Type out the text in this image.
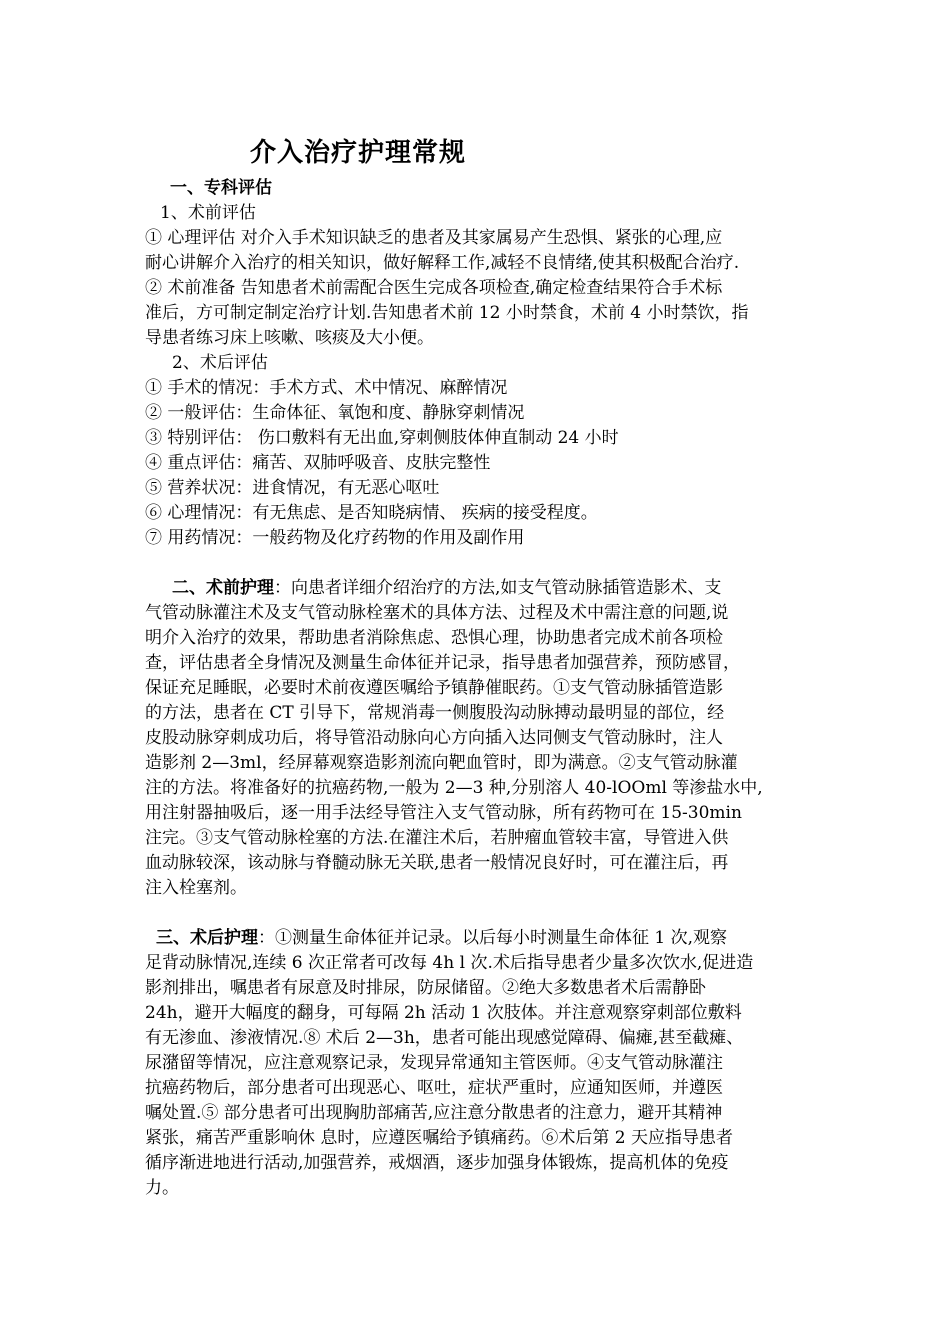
介入治疗护理常规
一、专科评估
1、术前评估
① 心理评估 对介入手术知识缺乏的患者及其家属易产生恐惧、紧张的心理,应
耐心讲解介入治疗的相关知识，做好解释工作,减轻不良情绪,使其积极配合治疗.
② 术前准备 告知患者术前需配合医生完成各项检查,确定检查结果符合手术标
准后，方可制定制定治疗计划.告知患者术前 12 小时禁食，术前 4 小时禁饮，指
导患者练习床上咳嗽、咳痰及大小便。
2、术后评估
① 手术的情况：手术方式、术中情况、麻醉情况
② 一般评估：生命体征、氧饱和度、静脉穿刺情况
③ 特别评估： 伤口敷料有无出血,穿刺侧肢体伸直制动 24 小时
④ 重点评估：痛苦、双肺呼吸音、皮肤完整性
⑤ 营养状况：进食情况，有无恶心呕吐
⑥ 心理情况：有无焦虑、是否知晓病情、 疾病的接受程度。
⑦ 用药情况：一般药物及化疗药物的作用及副作用
二、术前护理：向患者详细介绍治疗的方法,如支气管动脉插管造影术、支
气管动脉灌注术及支气管动脉栓塞术的具体方法、过程及术中需注意的问题,说
明介入治疗的效果，帮助患者消除焦虑、恐惧心理，协助患者完成术前各项检
查，评估患者全身情况及测量生命体征并记录，指导患者加强营养，预防感冒，
保证充足睡眠，必要时术前夜遵医嘱给予镇静催眠药。①支气管动脉插管造影
的方法，患者在 CT 引导下，常规消毒一侧腹股沟动脉搏动最明显的部位，经
皮股动脉穿刺成功后，将导管沿动脉向心方向插入达同侧支气管动脉时，注人
造影剂 2—3ml，经屏幕观察造影剂流向靶血管时，即为满意。②支气管动脉灌
注的方法。将准备好的抗癌药物,一般为 2—3 种,分别溶人 40-lOOml 等渗盐水中,
用注射器抽吸后，逐一用手法经导管注入支气管动脉，所有药物可在 15-30min
注完。③支气管动脉栓塞的方法.在灌注术后，若肿瘤血管较丰富，导管进入供
血动脉较深，该动脉与脊髓动脉无关联,患者一般情况良好时，可在灌注后，再
注入栓塞剂。
三、术后护理：①测量生命体征并记录。以后每小时测量生命体征 1 次,观察
足背动脉情况,连续 6 次正常者可改每 4h l 次.术后指导患者少量多次饮水,促进造
影剂排出，嘱患者有尿意及时排尿，防尿储留。②绝大多数患者术后需静卧
24h，避开大幅度的翻身，可每隔 2h 活动 1 次肢体。并注意观察穿刺部位敷料
有无渗血、渗液情况.⑧ 术后 2—3h，患者可能出现感觉障碍、偏瘫,甚至截瘫、
尿潴留等情况，应注意观察记录，发现异常通知主管医师。④支气管动脉灌注
抗癌药物后，部分患者可出现恶心、呕吐，症状严重时，应通知医师，并遵医
嘱处置.⑤ 部分患者可出现胸肋部痛苦,应注意分散患者的注意力，避开其精神
紧张，痛苦严重影响休 息时，应遵医嘱给予镇痛药。⑥术后第 2 天应指导患者
循序渐进地进行活动,加强营养，戒烟酒，逐步加强身体锻炼，提高机体的免疫
力。
